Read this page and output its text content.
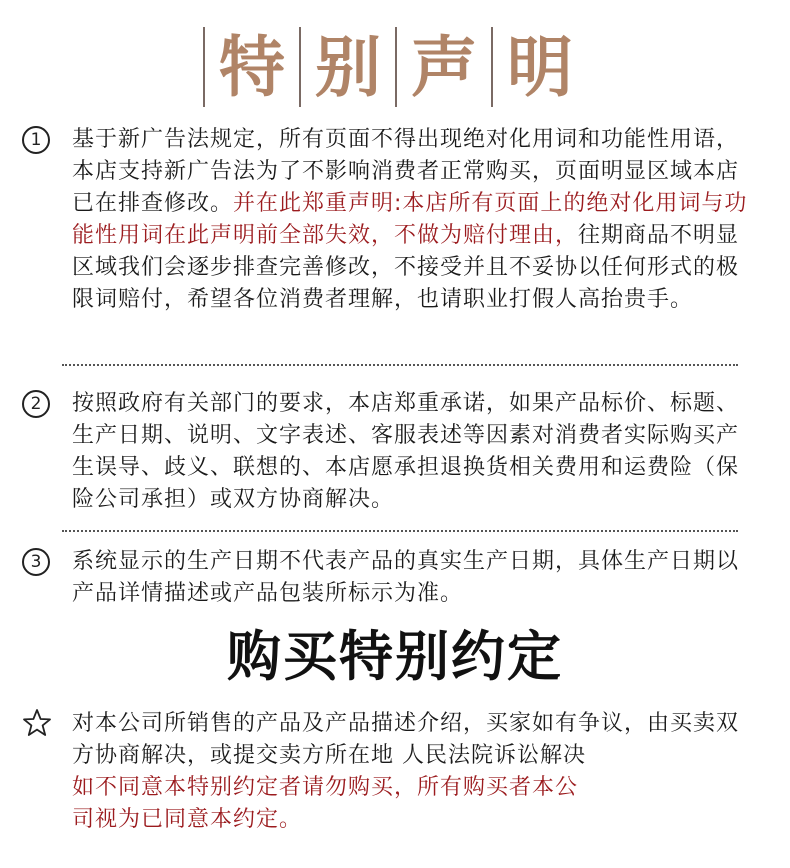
特 别 声 明
1	基于新广告法规定，所有页面不得出现绝对化用词和功能性用语，本店支持新广告法为了不影响消费者正常购买，页面明显区域本店已在排查修改。并在此郑重声明:本店所有页面上的绝对化用词与功能性用词在此声明前全部失效，不做为赔付理由，往期商品不明显区域我们会逐步排查完善修改，不接受并且不妥协以任何形式的极限词赔付，希望各位消费者理解，也请职业打假人高抬贵手。

2	按照政府有关部门的要求，本店郑重承诺，如果产品标价、标题、生产日期、说明、文字表述、客服表述等因素对消费者实际购买产生误导、歧义、联想的、本店愿承担退换货相关费用和运费险（保险公司承担）或双方协商解决。

3	系统显示的生产日期不代表产品的真实生产日期，具体生产日期以产品详情描述或产品包装所标示为准。

购买特别约定

对本公司所销售的产品及产品描述介绍，买家如有争议，由买卖双方协商解决，或提交卖方所在地 人民法院诉讼解决
如不同意本特别约定者请勿购买，所有购买者本公司视为已同意本约定。
